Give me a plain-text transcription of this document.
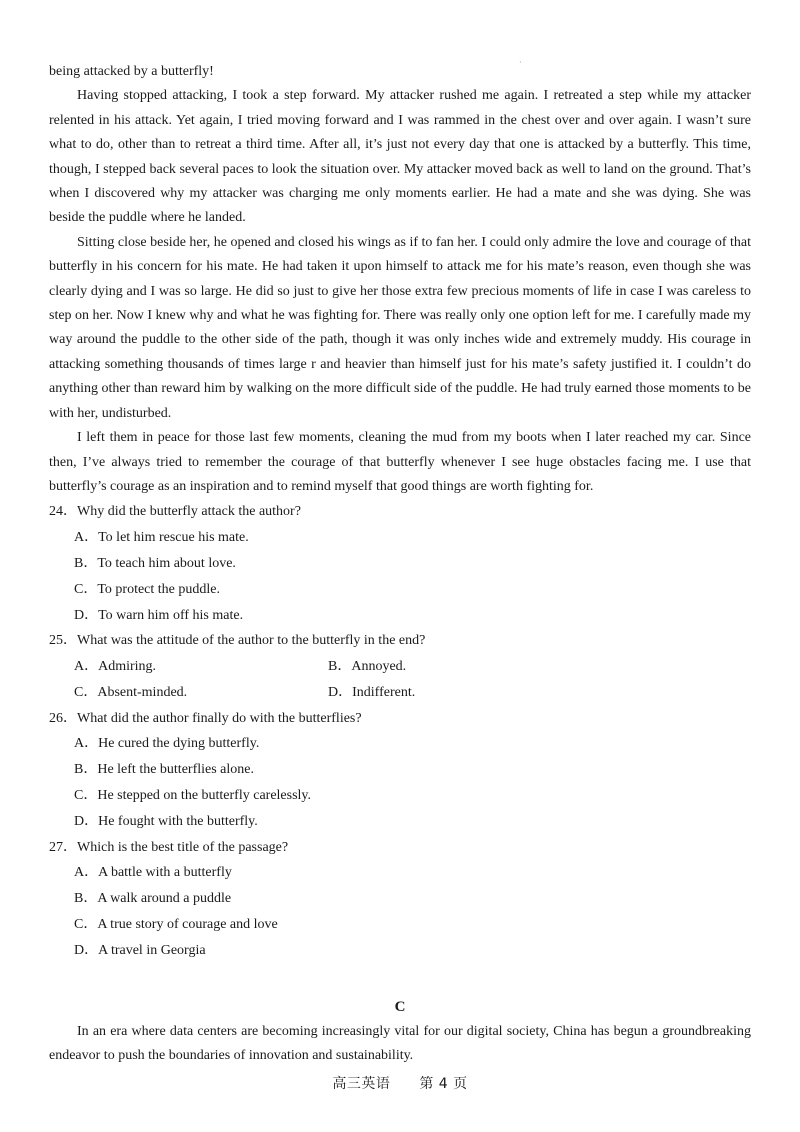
·

being attacked by a butterfly!

Having stopped attacking, I took a step forward. My attacker rushed me again. I retreated a step while my attacker relented in his attack. Yet again, I tried moving forward and I was rammed in the chest over and over again. I wasn’t sure what to do, other than to retreat a third time. After all, it’s just not every day that one is attacked by a butterfly. This time, though, I stepped back several paces to look the situation over. My attacker moved back as well to land on the ground. That’s when I discovered why my attacker was charging me only moments earlier. He had a mate and she was dying. She was beside the puddle where he landed.

Sitting close beside her, he opened and closed his wings as if to fan her. I could only admire the love and courage of that butterfly in his concern for his mate. He had taken it upon himself to attack me for his mate’s reason, even though she was clearly dying and I was so large. He did so just to give her those extra few precious moments of life in case I was careless to step on her. Now I knew why and what he was fighting for. There was really only one option left for me. I carefully made my way around the puddle to the other side of the path, though it was only inches wide and extremely muddy. His courage in attacking something thousands of times large r and heavier than himself just for his mate’s safety justified it. I couldn’t do anything other than reward him by walking on the more difficult side of the puddle. He had truly earned those moments to be with her, undisturbed.

I left them in peace for those last few moments, cleaning the mud from my boots when I later reached my car. Since then, I’ve always tried to remember the courage of that butterfly whenever I see huge obstacles facing me. I use that butterfly’s courage as an inspiration and to remind myself that good things are worth fighting for.

24．Why did the butterfly attack the author?

A．To let him rescue his mate.

B．To teach him about love.

C．To protect the puddle.

D．To warn him off his mate.

25．What was the attitude of the author to the butterfly in the end?

A．Admiring.	B．Annoyed.
C．Absent-minded.	D．Indifferent.

26．What did the author finally do with the butterflies?

A．He cured the dying butterfly.

B．He left the butterflies alone.

C．He stepped on the butterfly carelessly.

D．He fought with the butterfly.

27．Which is the best title of the passage?

A．A battle with a butterfly

B．A walk around a puddle

C．A true story of courage and love

D．A travel in Georgia

C

In an era where data centers are becoming increasingly vital for our digital society, China has begun a groundbreaking endeavor to push the boundaries of innovation and sustainability.

高三英语　　第 4 页
